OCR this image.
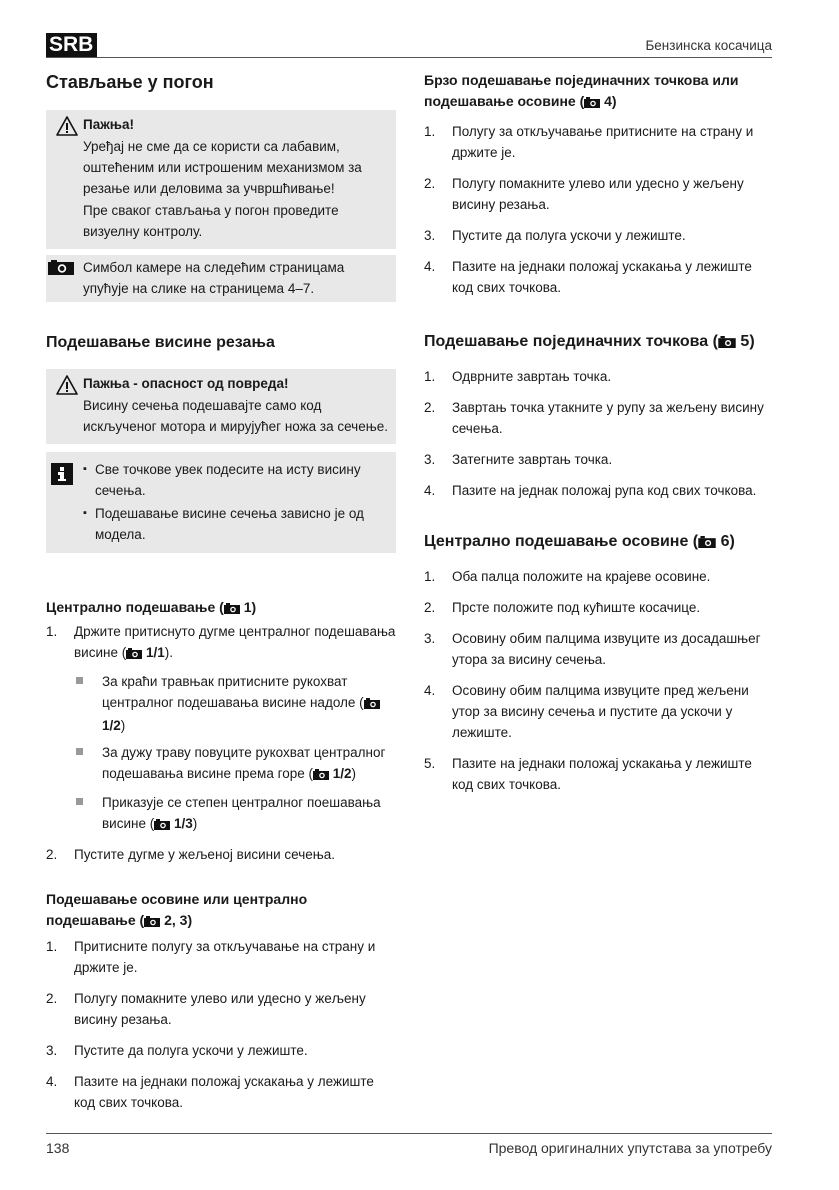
SRB	Бензинска косачица
Стављање у погон
Пажња!

Уређај не сме да се користи са лабавим, оштећеним или истрошеним механизмом за резање или деловима за учвршћивање!

Пре сваког стављања у погон проведите визуелну контролу.

Симбол камере на следећим страницама упућује на слике на страницема 4–7.
Подешавање висине резања
Пажња - опасност од повреда!

Висину сечења подешавајте само код искљученог мотора и мирујућег ножа за сечење.

▪ Све точкове увек подесите на исту висину сечења.
▪ Подешавање висине сечења зависно је од модела.
Централно подешавање ( 1)
1. Држите притиснуто дугме централног подешавања висине ( 1/1).
За краћи травњак притисните рукохват централног подешавања висине надоле ( 1/2)
За дужу траву повуците рукохват централног подешавања висине према горе ( 1/2)
Приказује се степен централног поешавања висине ( 1/3)
2. Пустите дугме у жељеној висини сечења.
Подешавање осовине или централно подешавање ( 2, 3)
1. Притисните полугу за откључавање на страну и држите је.
2. Полугу помакните улево или удесно у жељену висину резања.
3. Пустите да полуга ускочи у лежиште.
4. Пазите на једнаки положај ускакања у лежиште код свих точкова.
Брзо подешавање појединачних точкова или подешавање осовине ( 4)
1. Полугу за откључавање притисните на страну и држите је.
2. Полугу помакните улево или удесно у жељену висину резања.
3. Пустите да полуга ускочи у лежиште.
4. Пазите на једнаки положај ускакања у лежиште код свих точкова.
Подешавање појединачних точкова ( 5)
1. Одврните завртањ точка.
2. Завртањ точка утакните у рупу за жељену висину сечења.
3. Затегните завртањ точка.
4. Пазите на једнак положај рупа код свих точкова.
Централно подешавање осовине ( 6)
1. Оба палца положите на крајеве осовине.
2. Прсте положите под кућиште косачице.
3. Осовину обим палцима извуците из досадашњег утора за висину сечења.
4. Осовину обим палцима извуците пред жељени утор за висину сечења и пустите да ускочи у лежиште.
5. Пазите на једнаки положај ускакања у лежиште код свих точкова.
138	Превод оригиналних упутстава за употребу
